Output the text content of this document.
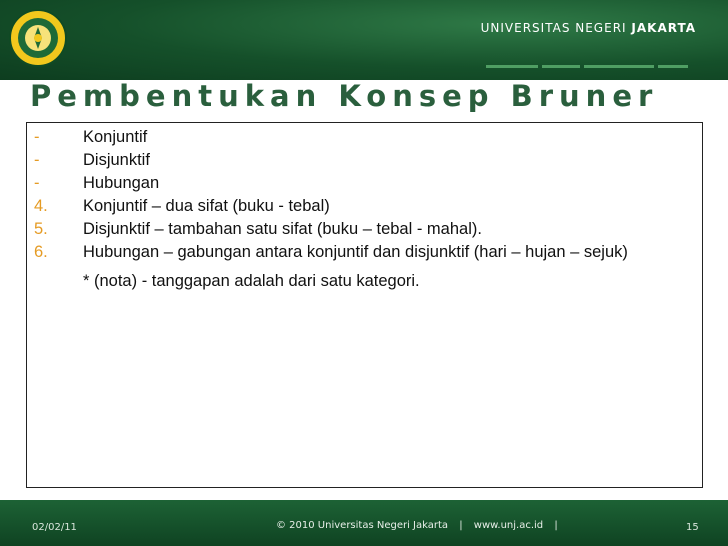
UNIVERSITAS NEGERI JAKARTA
Pembentukan Konsep Bruner
-	Konjuntif
-	Disjunktif
-	Hubungan
4. Konjuntif – dua sifat (buku - tebal)
5. Disjunktif – tambahan satu sifat (buku – tebal - mahal).
6. Hubungan – gabungan antara konjuntif dan disjunktif (hari – hujan – sejuk)
* (nota) - tanggapan adalah dari satu kategori.
02/02/11	© 2010 Universitas Negeri Jakarta | www.unj.ac.id |	15
